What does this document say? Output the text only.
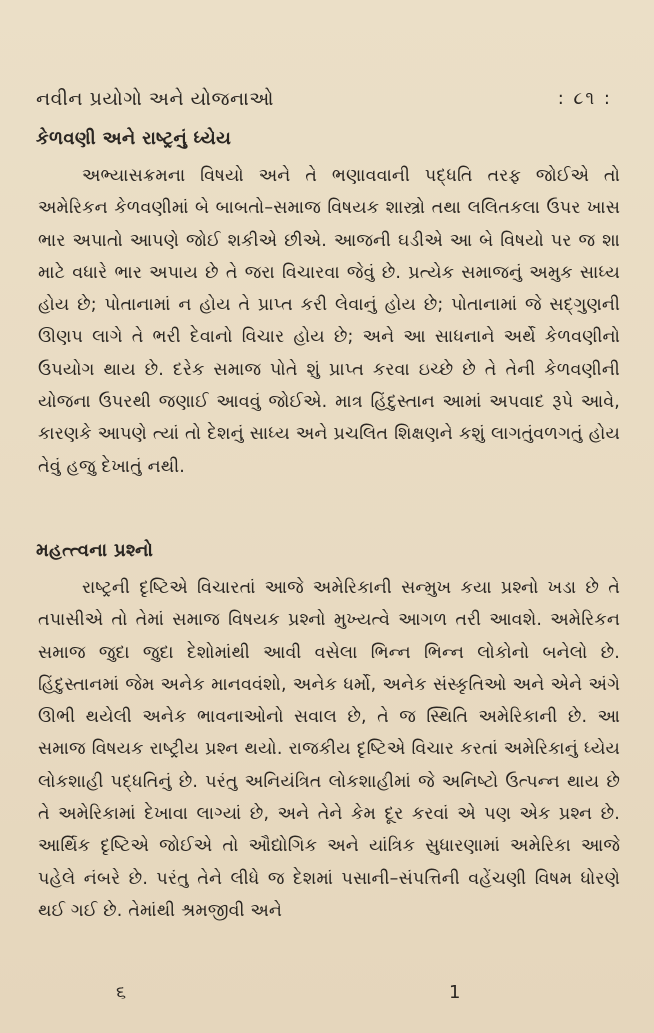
નવીન પ્રયોગો અને યોજનાઓ	: ૮૧ :
કેળવણી અને રાષ્ટ્રનું ધ્યેય

અભ્યાસક્રમના વિષયો અને તે ભણાવવાની પદ્ધતિ તરફ જોઈએ તો અમેરિકન કેળવણીમાં બે બાબતો–સમાજ વિષયક શાસ્ત્રો તથા લલિતકલા ઉપર ખાસ ભાર અપાતો આપણે જોઈ શકીએ છીએ. આજની ઘડીએ આ બે વિષયો પર જ શા માટે વધારે ભાર અપાય છે તે જરા વિચારવા જેવું છે. પ્રત્યેક સમાજનું અમુક સાધ્ય હોય છે; પોતાનામાં ન હોય તે પ્રાપ્ત કરી લેવાનું હોય છે; પોતાનામાં જે સદ્‌ગુણની ઊણપ લાગે તે ભરી દેવાનો વિચાર હોય છે; અને આ સાધનાને અર્થે કેળવણીનો ઉપયોગ થાય છે. દરેક સમાજ પોતે શું પ્રાપ્ત કરવા ઇચ્છે છે તે તેની કેળવણીની યોજના ઉપરથી જણાઈ આવવું જોઈએ. માત્ર હિંદુસ્તાન આમાં અપવાદ રૂપે આવે, કારણકે આપણે ત્યાં તો દેશનું સાધ્ય અને પ્રચલિત શિક્ષણને કશું લાગતુંવળગતું હોય તેવું હજુ દેખાતું નથી.

મહત્ત્વના પ્રશ્નો

રાષ્ટ્રની દૃષ્ટિએ વિચારતાં આજે અમેરિકાની સન્મુખ કયા પ્રશ્નો ખડા છે તે તપાસીએ તો તેમાં સમાજ વિષયક પ્રશ્નો મુખ્યત્વે આગળ તરી આવશે. અમેરિકન સમાજ જુદા જુદા દેશોમાંથી આવી વસેલા ભિન્ન ભિન્ન લોકોનો બનેલો છે. હિંદુસ્તાનમાં જેમ અનેક માનવવંશો, અનેક ધર્મો, અનેક સંસ્કૃતિઓ અને એને અંગે ઊભી થયેલી અનેક ભાવનાઓનો સવાલ છે, તે જ સ્થિતિ અમેરિકાની છે. આ સમાજ વિષયક રાષ્ટ્રીય પ્રશ્ન થયો. રાજકીય દૃષ્ટિએ વિચાર કરતાં અમેરિકાનું ધ્યેય લોકશાહી પદ્ધતિનું છે. પરંતુ અનિયંત્રિત લોકશાહીમાં જે અનિષ્ટો ઉત્પન્ન થાય છે તે અમેરિકામાં દેખાવા લાગ્યાં છે, અને તેને કેમ દૂર કરવાં એ પણ એક પ્રશ્ન છે. આર્થિક દૃષ્ટિએ જોઈએ તો ઔદ્યોગિક અને યાંત્રિક સુધારણામાં અમેરિકા આજે પહેલે નંબરે છે. પરંતુ તેને લીધે જ દેશમાં પસાની–સંપત્તિની વહેંચણી વિષમ ધોરણે થઈ ગઈ છે. તેમાંથી શ્રમજીવી અને

૬	1
